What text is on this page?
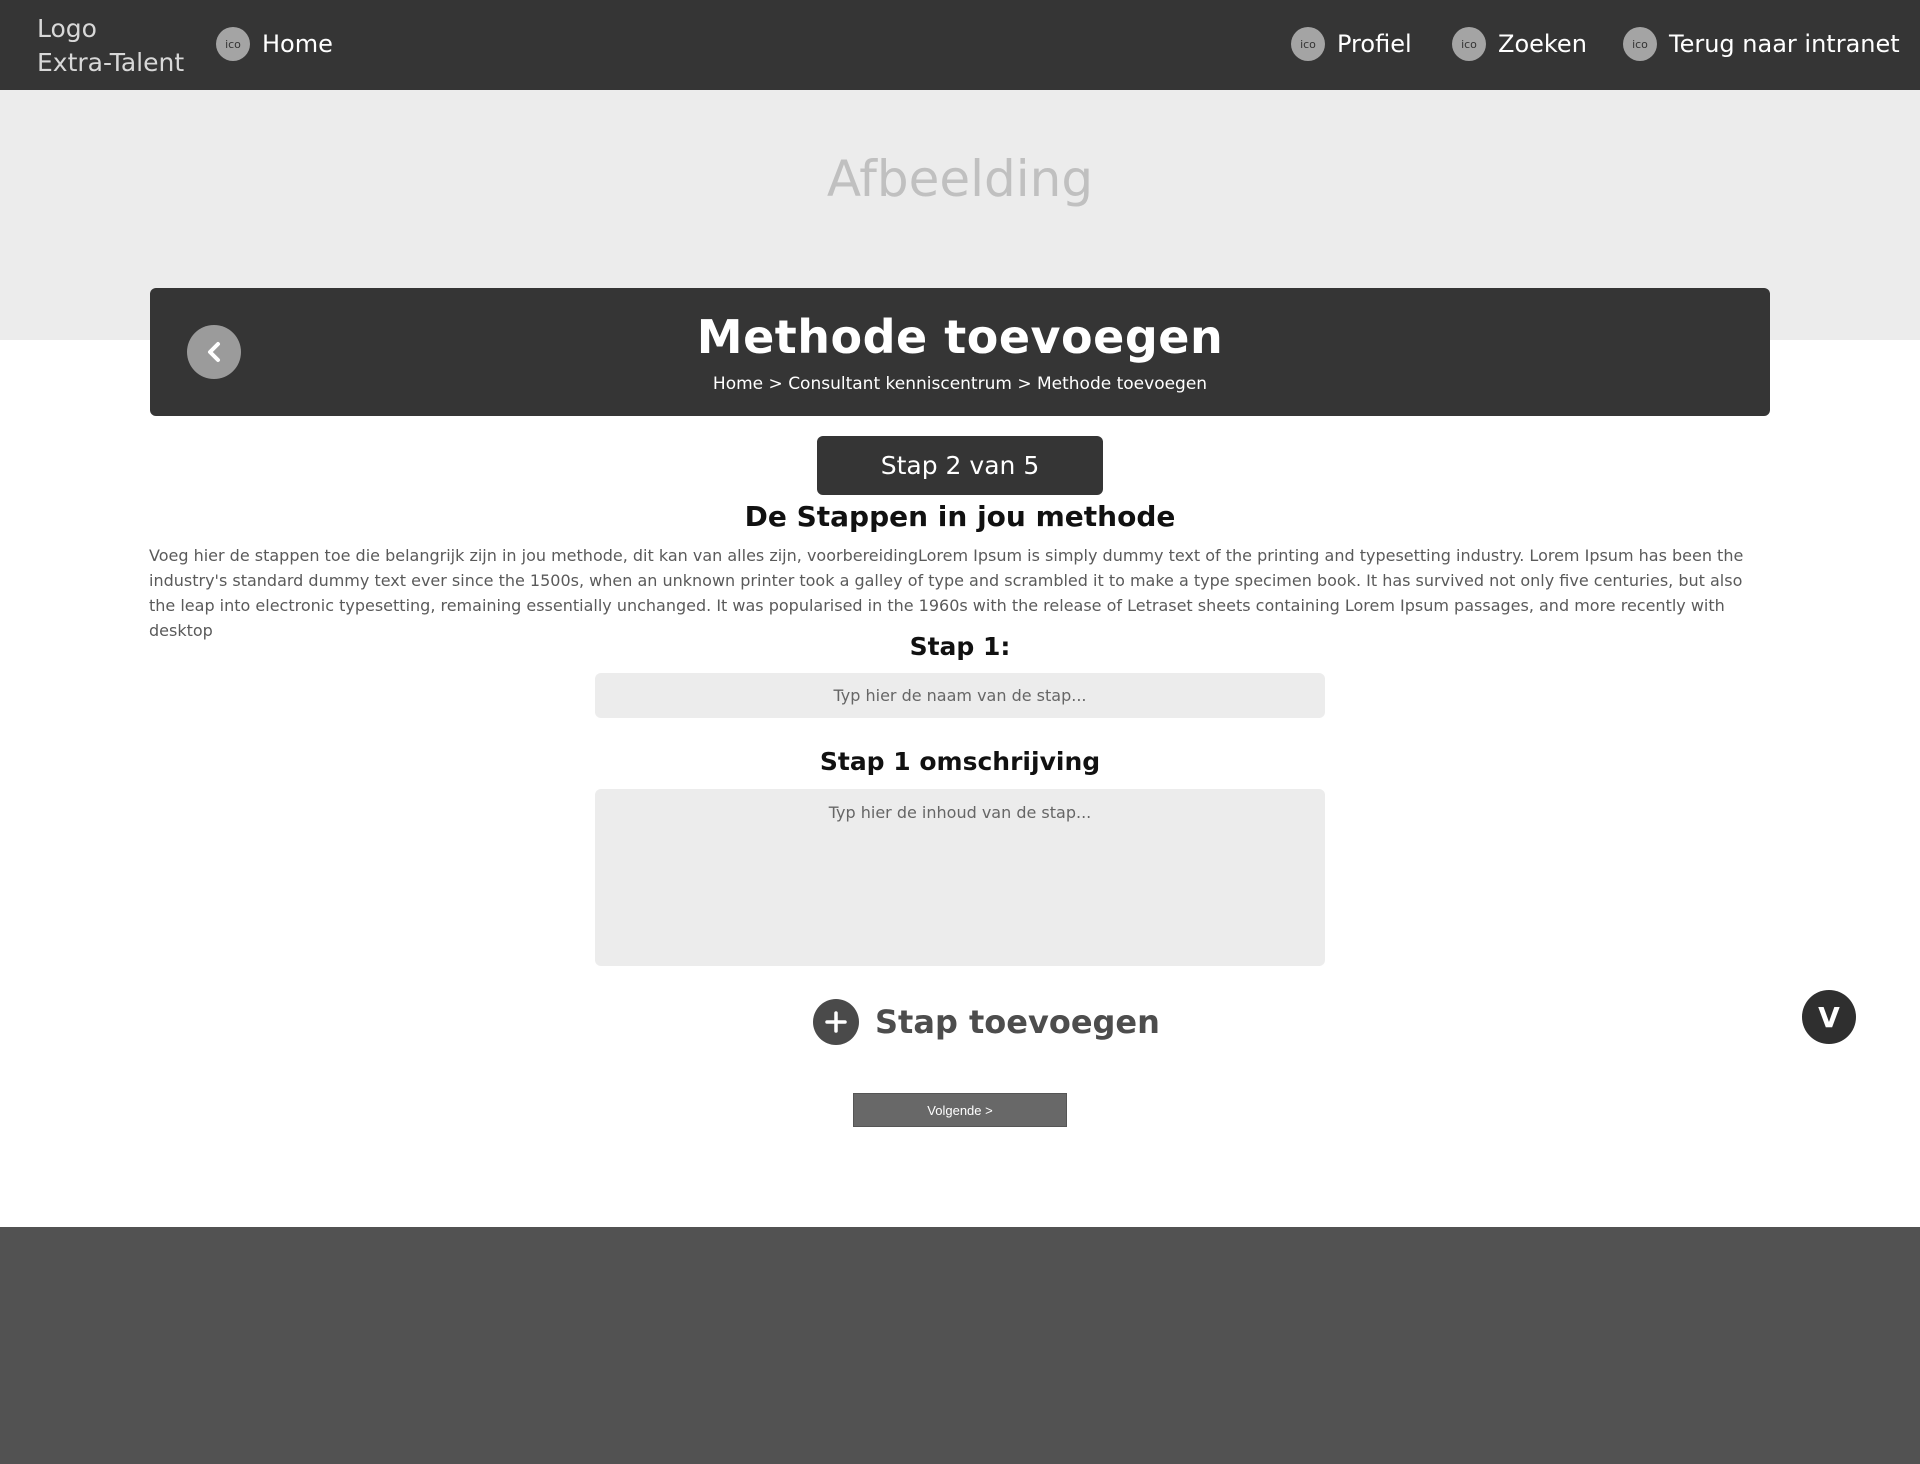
Logo
Extra-Talent
ico Home	ico Profiel	ico Zoeken	ico Terug naar intranet
Afbeelding
Methode toevoegen
Home > Consultant kenniscentrum > Methode toevoegen
Stap 2 van 5
De Stappen in jou methode
Voeg hier de stappen toe die belangrijk zijn in jou methode, dit kan van alles zijn, voorbereidingLorem Ipsum is simply dummy text of the printing and typesetting industry. Lorem Ipsum has been the industry's standard dummy text ever since the 1500s, when an unknown printer took a galley of type and scrambled it to make a type specimen book. It has survived not only five centuries, but also the leap into electronic typesetting, remaining essentially unchanged. It was popularised in the 1960s with the release of Letraset sheets containing Lorem Ipsum passages, and more recently with desktop
Stap 1:
Typ hier de naam van de stap...
Stap 1 omschrijving
Typ hier de inhoud van de stap...
Stap toevoegen
Volgende >
V
